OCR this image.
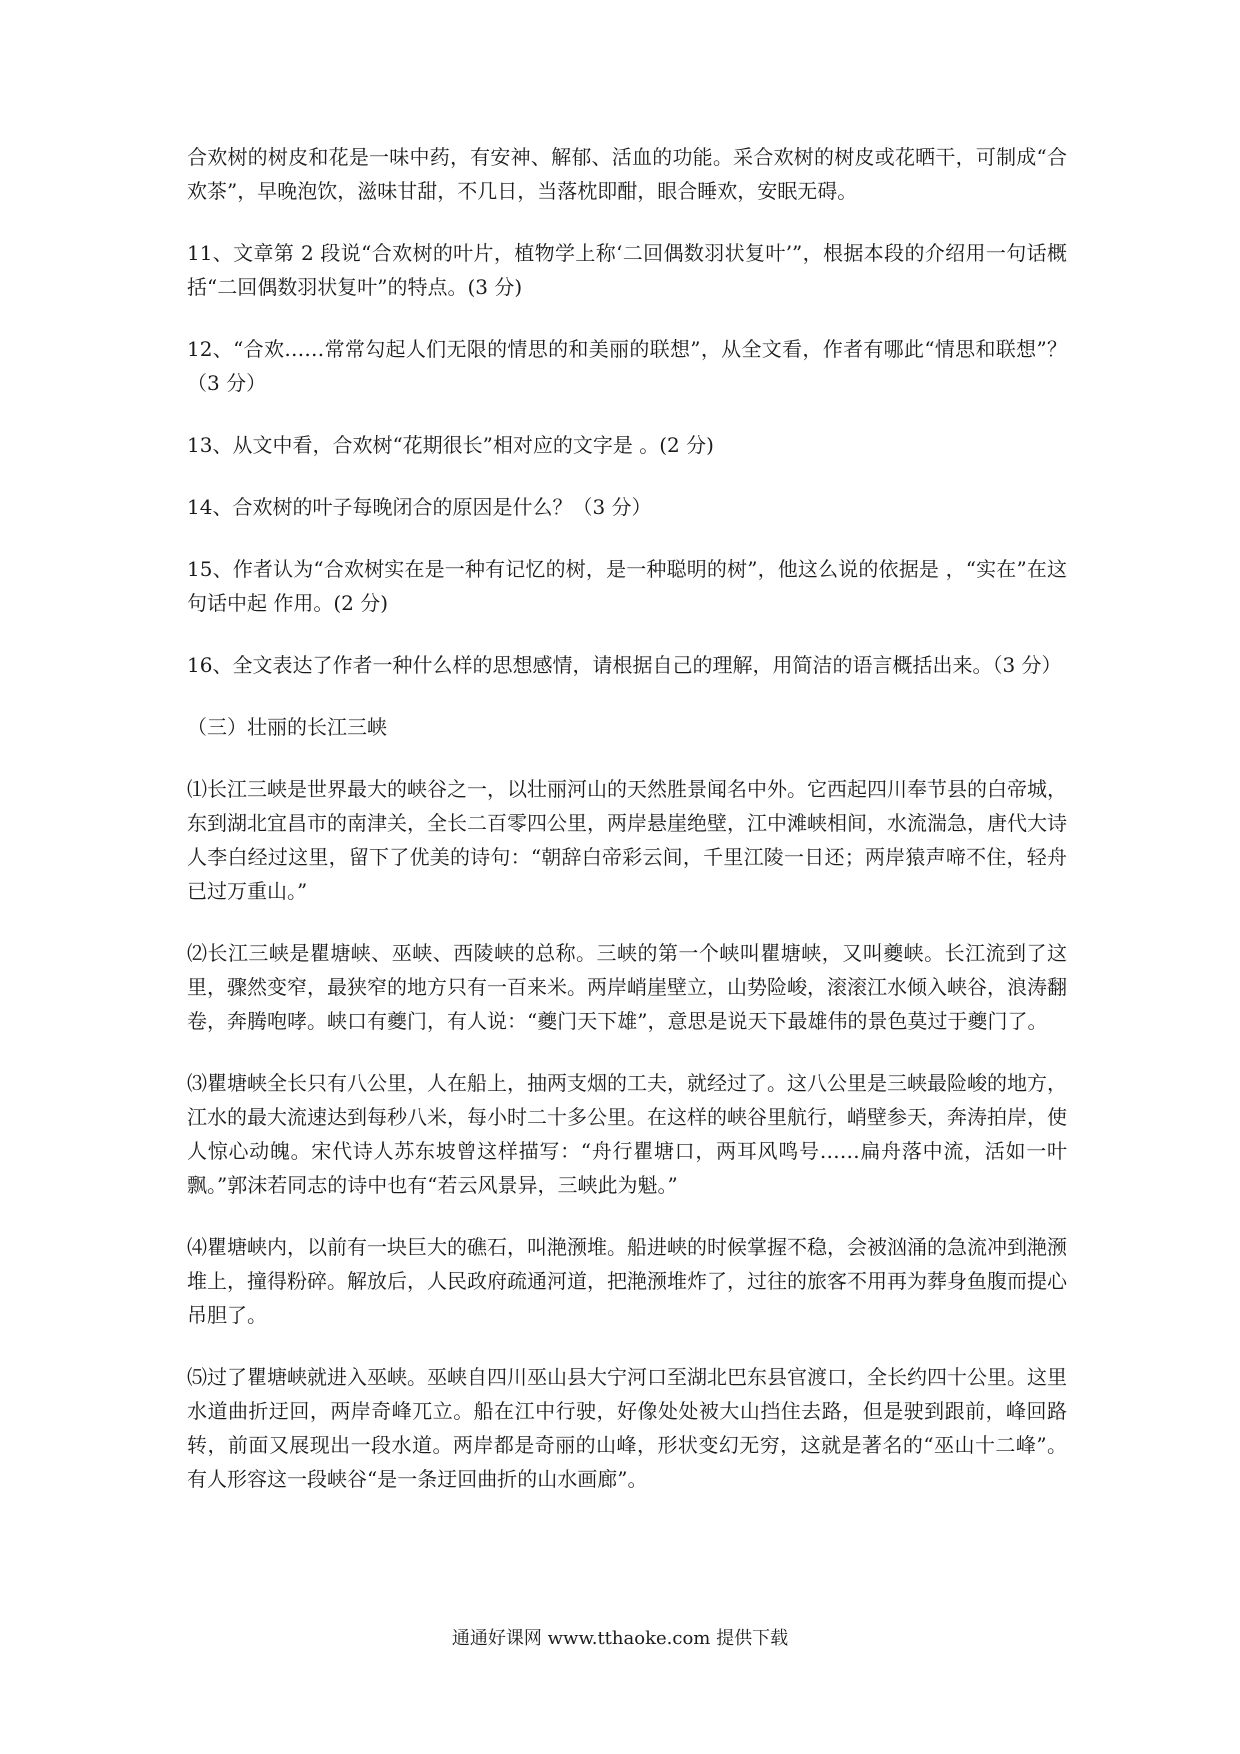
合欢树的树皮和花是一味中药，有安神、解郁、活血的功能。采合欢树的树皮或花晒干，可制成“合欢茶”，早晚泡饮，滋味甘甜，不几日，当落枕即酣，眼合睡欢，安眠无碍。

11、文章第 2 段说“合欢树的叶片，植物学上称‘二回偶数羽状复叶’”，根据本段的介绍用一句话概括“二回偶数羽状复叶”的特点。(3 分)

12、“合欢……常常勾起人们无限的情思的和美丽的联想”，从全文看，作者有哪此“情思和联想”？（3 分）

13、从文中看，合欢树“花期很长”相对应的文字是 。(2 分)

14、合欢树的叶子每晚闭合的原因是什么？（3 分）

15、作者认为“合欢树实在是一种有记忆的树，是一种聪明的树”，他这么说的依据是 ，“实在”在这句话中起 作用。(2 分)

16、全文表达了作者一种什么样的思想感情，请根据自己的理解，用简洁的语言概括出来。（3 分）

（三）壮丽的长江三峡

⑴长江三峡是世界最大的峡谷之一，以壮丽河山的天然胜景闻名中外。它西起四川奉节县的白帝城，东到湖北宜昌市的南津关，全长二百零四公里，两岸悬崖绝壁，江中滩峡相间，水流湍急，唐代大诗人李白经过这里，留下了优美的诗句：“朝辞白帝彩云间，千里江陵一日还；两岸猿声啼不住，轻舟已过万重山。”

⑵长江三峡是瞿塘峡、巫峡、西陵峡的总称。三峡的第一个峡叫瞿塘峡，又叫夔峡。长江流到了这里，骤然变窄，最狭窄的地方只有一百来米。两岸峭崖壁立，山势险峻，滚滚江水倾入峡谷，浪涛翻卷，奔腾咆哮。峡口有夔门，有人说：“夔门天下雄”，意思是说天下最雄伟的景色莫过于夔门了。

⑶瞿塘峡全长只有八公里，人在船上，抽两支烟的工夫，就经过了。这八公里是三峡最险峻的地方，江水的最大流速达到每秒八米，每小时二十多公里。在这样的峡谷里航行，峭壁参天，奔涛拍岸，使人惊心动魄。宋代诗人苏东坡曾这样描写：“舟行瞿塘口，两耳风鸣号……扁舟落中流，活如一叶飘。”郭沫若同志的诗中也有“若云风景异，三峡此为魁。”

⑷瞿塘峡内，以前有一块巨大的礁石，叫滟滪堆。船进峡的时候掌握不稳，会被汹涌的急流冲到滟滪堆上，撞得粉碎。解放后，人民政府疏通河道，把滟滪堆炸了，过往的旅客不用再为葬身鱼腹而提心吊胆了。

⑸过了瞿塘峡就进入巫峡。巫峡自四川巫山县大宁河口至湖北巴东县官渡口，全长约四十公里。这里水道曲折迂回，两岸奇峰兀立。船在江中行驶，好像处处被大山挡住去路，但是驶到跟前，峰回路转，前面又展现出一段水道。两岸都是奇丽的山峰，形状变幻无穷，这就是著名的“巫山十二峰”。有人形容这一段峡谷“是一条迂回曲折的山水画廊”。

通通好课网 www.tthaoke.com 提供下载
